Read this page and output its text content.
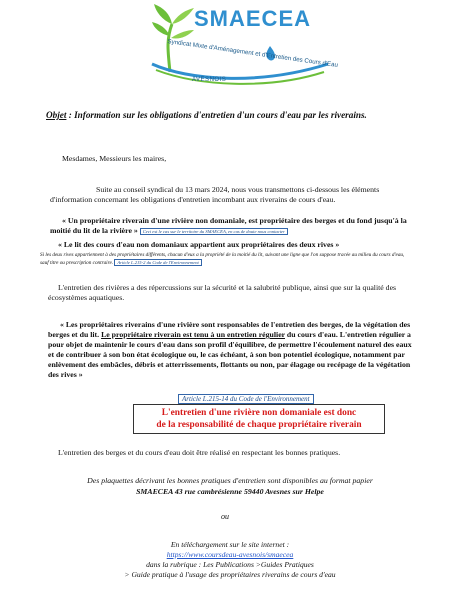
SMAECEA
Syndicat Mixte d'Aménagement et d'Entretien des Cours d'Eau
AVESNOIS
Objet : Information sur les obligations d'entretien d'un cours d'eau par les riverains.
Mesdames, Messieurs les maires,
Suite au conseil syndical du 13 mars 2024, nous vous transmettons ci-dessous les éléments d'information concernant les obligations d'entretien incombant aux riverains de cours d'eau.
« Un propriétaire riverain d'une rivière non domaniale, est propriétaire des berges et du fond jusqu'à la moitié du lit de la rivière » Ceci est le cas sur le territoire du SMAECEA, en cas de doute nous contacter
« Le lit des cours d'eau non domaniaux appartient aux propriétaires des deux rives »
Si les deux rives appartiennent à des propriétaires différents, chacun d'eux a la propriété de la moitié du lit, suivant une ligne que l'on suppose tracée au milieu du cours d'eau, sauf titre ou prescription contraire. Article L.215-2 du Code de l'Environnement
L'entretien des rivières a des répercussions sur la sécurité et la salubrité publique, ainsi que sur la qualité des écosystèmes aquatiques.
« Les propriétaires riverains d'une rivière sont responsables de l'entretien des berges, de la végétation des berges et du lit. Le propriétaire riverain est tenu à un entretien régulier du cours d'eau. L'entretien régulier a pour objet de maintenir le cours d'eau dans son profil d'équilibre, de permettre l'écoulement naturel des eaux et de contribuer à son bon état écologique ou, le cas échéant, à son bon potentiel écologique, notamment par enlèvement des embâcles, débris et atterrissements, flottants ou non, par élagage ou recépage de la végétation des rives »
Article L.215-14 du Code de l'Environnement
L'entretien d'une rivière non domaniale est donc
de la responsabilité de chaque propriétaire riverain
L'entretien des berges et du cours d'eau doit être réalisé en respectant les bonnes pratiques.
Des plaquettes décrivant les bonnes pratiques d'entretien sont disponibles au format papier
SMAECEA 43 rue cambrésienne 59440 Avesnes sur Helpe
ou
En téléchargement sur le site internet :
https://www.coursdeau-avesnois/smaecea
dans la rubrique : Les Publications >Guides Pratiques
> Guide pratique à l'usage des propriétaires riverains de cours d'eau
